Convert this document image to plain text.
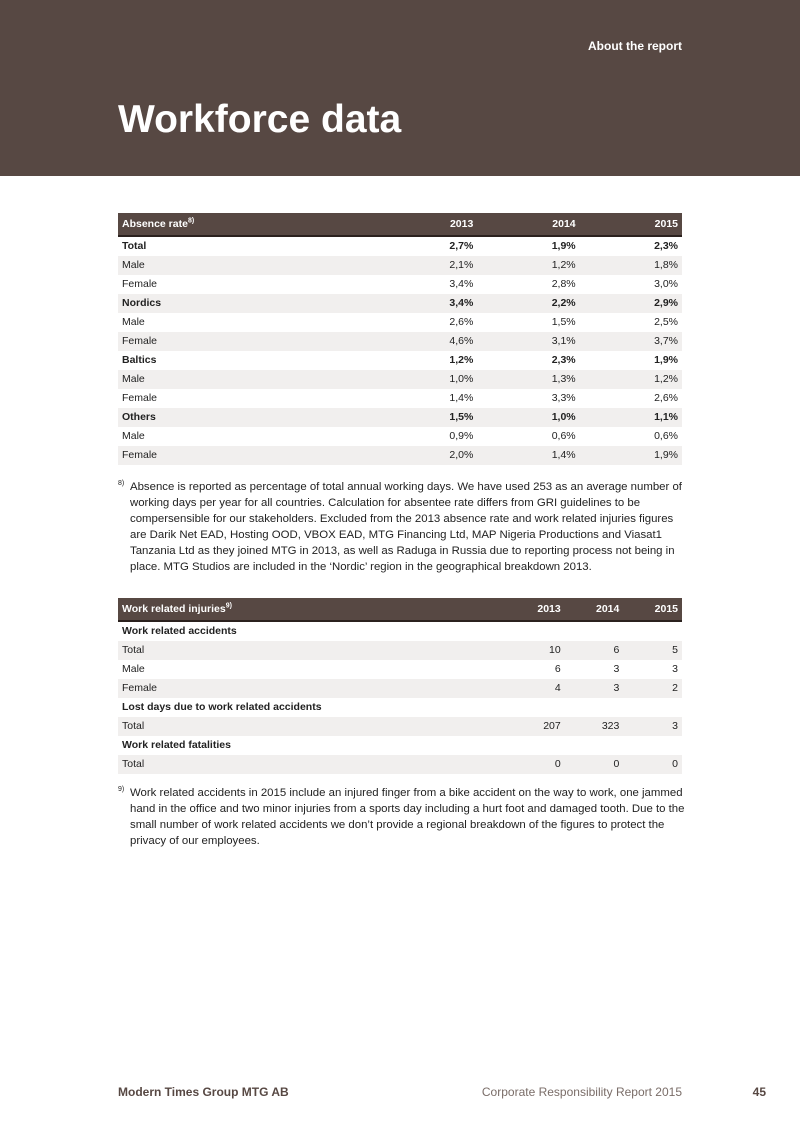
About the report
Workforce data
Absence rate$^{8)}$	2013	2014	2015
Total	2,7%	1,9%	2,3%
Male	2,1%	1,2%	1,8%
Female	3,4%	2,8%	3,0%
Nordics	3,4%	2,2%	2,9%
Male	2,6%	1,5%	2,5%
Female	4,6%	3,1%	3,7%
Baltics	1,2%	2,3%	1,9%
Male	1,0%	1,3%	1,2%
Female	1,4%	3,3%	2,6%
Others	1,5%	1,0%	1,1%
Male	0,9%	0,6%	0,6%
Female	2,0%	1,4%	1,9%
8) Absence is reported as percentage of total annual working days. We have used 253 as an average number of working days per year for all countries. Calculation for absentee rate differs from GRI guidelines to be compersensible for our stakeholders. Excluded from the 2013 absence rate and work related injuries figures are Darik Net EAD, Hosting OOD, VBOX EAD, MTG Financing Ltd, MAP Nigeria Productions and Viasat1 Tanzania Ltd as they joined MTG in 2013, as well as Raduga in Russia due to reporting process not being in place. MTG Studios are included in the ‘Nordic’ region in the geographical breakdown 2013.
Work related injuries$^{9)}$	2013	2014	2015
Work related accidents			
Total	10	6	5
Male	6	3	3
Female	4	3	2
Lost days due to work related accidents			
Total	207	323	3
Work related fatalities			
Total	0	0	0
9) Work related accidents in 2015 include an injured finger from a bike accident on the way to work, one jammed hand in the office and two minor injuries from a sports day including a hurt foot and damaged tooth. Due to the small number of work related accidents we don’t provide a regional breakdown of the figures to protect the privacy of our employees.
Modern Times Group MTG AB	Corporate Responsibility Report 2015	45
